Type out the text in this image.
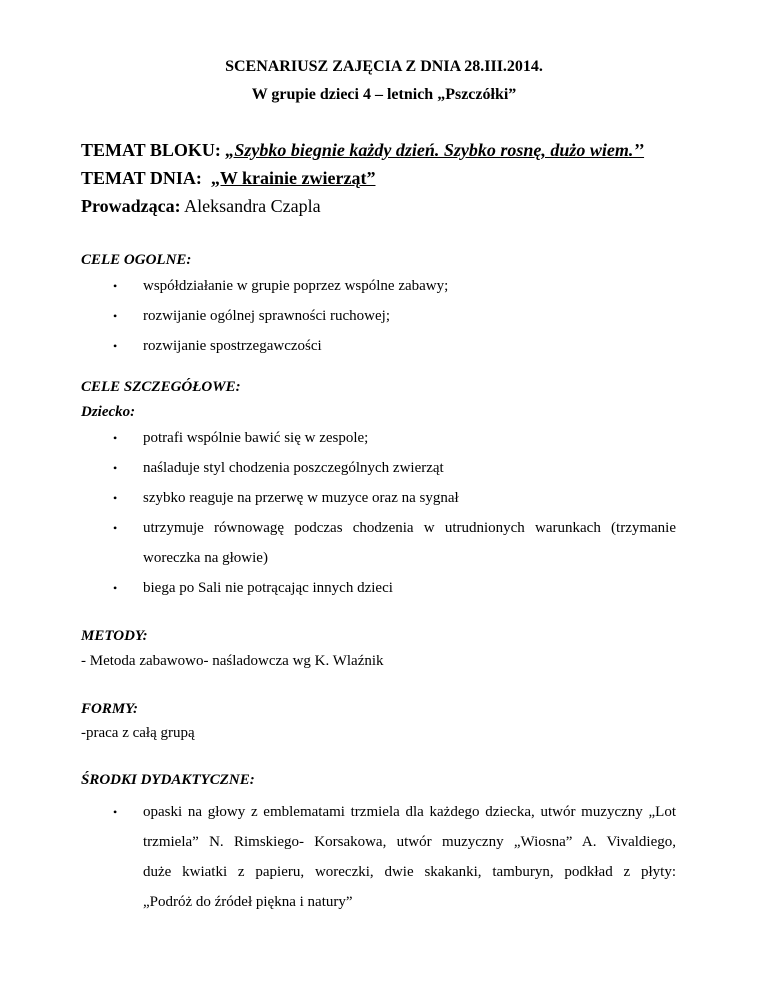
SCENARIUSZ ZAJĘCIA Z DNIA 28.III.2014.
W grupie dzieci 4 – letnich „Pszczółki”
TEMAT BLOKU: „Szybko biegnie każdy dzień. Szybko rosnę, dużo wiem.’’
TEMAT DNIA: „W krainie zwierząt”
Prowadząca: Aleksandra Czapla
CELE OGOLNE:
• współdziałanie w grupie poprzez wspólne zabawy;
• rozwijanie ogólnej sprawności ruchowej;
• rozwijanie spostrzegawczości
CELE SZCZEGÓŁOWE:
Dziecko:
• potrafi wspólnie bawić się w zespole;
• naśladuje styl chodzenia poszczególnych zwierząt
• szybko reaguje na przerwę w muzyce oraz na sygnał
• utrzymuje równowagę podczas chodzenia w utrudnionych warunkach (trzymanie
woreczka na głowie)
• biega po Sali nie potrącając innych dzieci
METODY:
- Metoda zabawowo- naśladowcza wg K. Wlaźnik
FORMY:
-praca z całą grupą
ŚRODKI DYDAKTYCZNE:
• opaski na głowy z emblematami trzmiela dla każdego dziecka, utwór muzyczny „Lot
trzmiela” N. Rimskiego- Korsakowa, utwór muzyczny „Wiosna” A. Vivaldiego,
duże kwiatki z papieru, woreczki, dwie skakanki, tamburyn, podkład z płyty:
„Podróż do źródeł piękna i natury”
